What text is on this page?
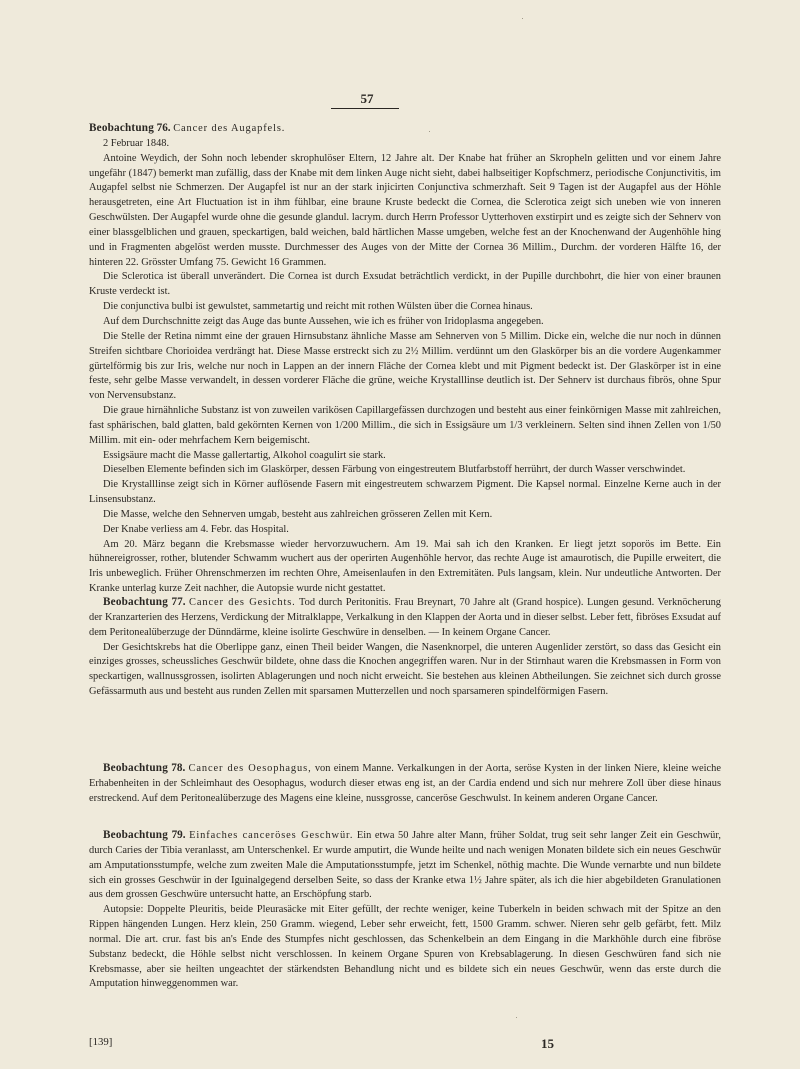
57

Beobachtung 76. Cancer des Augapfels.

2 Februar 1848.

Antoine Weydich, der Sohn noch lebender skrophulöser Eltern, 12 Jahre alt. Der Knabe hat früher an Skropheln gelitten und vor einem Jahre ungefähr (1847) bemerkt man zufällig, dass der Knabe mit dem linken Auge nicht sieht, dabei halbseitiger Kopfschmerz, periodische Conjunctivitis, im Augapfel selbst nie Schmerzen. Der Augapfel ist nur an der stark injicirten Conjunctiva schmerzhaft. Seit 9 Tagen ist der Augapfel aus der Höhle herausgetreten, eine Art Fluctuation ist in ihm fühlbar, eine braune Kruste bedeckt die Cornea, die Sclerotica zeigt sich uneben wie von inneren Geschwülsten. Der Augapfel wurde ohne die gesunde glandul. lacrym. durch Herrn Professor Uytterhoven exstirpirt und es zeigte sich der Sehnerv von einer blassgelblichen und grauen, speckartigen, bald weichen, bald härtlichen Masse umgeben, welche fest an der Knochenwand der Augenhöhle hing und in Fragmenten abgelöst werden musste. Durchmesser des Auges von der Mitte der Cornea 36 Millim., Durchm. der vorderen Hälfte 16, der hinteren 22. Grösster Umfang 75. Gewicht 16 Grammen.

Die Sclerotica ist überall unverändert. Die Cornea ist durch Exsudat beträchtlich verdickt, in der Pupille durchbohrt, die hier von einer braunen Kruste verdeckt ist.

Die conjunctiva bulbi ist gewulstet, sammetartig und reicht mit rothen Wülsten über die Cornea hinaus.

Auf dem Durchschnitte zeigt das Auge das bunte Aussehen, wie ich es früher von Iridoplasma angegeben.

Die Stelle der Retina nimmt eine der grauen Hirnsubstanz ähnliche Masse am Sehnerven von 5 Millim. Dicke ein, welche die nur noch in dünnen Streifen sichtbare Chorioidea verdrängt hat. Diese Masse erstreckt sich zu 2½ Millim. verdünnt um den Glaskörper bis an die vordere Augenkammer gürtelförmig bis zur Iris, welche nur noch in Lappen an der innern Fläche der Cornea klebt und mit Pigment bedeckt ist. Der Glaskörper ist in eine feste, sehr gelbe Masse verwandelt, in dessen vorderer Fläche die grüne, weiche Krystalllinse deutlich ist. Der Sehnerv ist durchaus fibrös, ohne Spur von Nervensubstanz.

Die graue hirnähnliche Substanz ist von zuweilen varikösen Capillargefässen durchzogen und besteht aus einer feinkörnigen Masse mit zahlreichen, fast sphärischen, bald glatten, bald gekörnten Kernen von 1/200 Millim., die sich in Essigsäure um 1/3 verkleinern. Selten sind ihnen Zellen von 1/50 Millim. mit ein- oder mehrfachem Kern beigemischt.

Essigsäure macht die Masse gallertartig, Alkohol coagulirt sie stark.

Dieselben Elemente befinden sich im Glaskörper, dessen Färbung von eingestreutem Blutfarbstoff herrührt, der durch Wasser verschwindet.

Die Krystalllinse zeigt sich in Körner auflösende Fasern mit eingestreutem schwarzem Pigment. Die Kapsel normal. Einzelne Kerne auch in der Linsensubstanz.

Die Masse, welche den Sehnerven umgab, besteht aus zahlreichen grösseren Zellen mit Kern.

Der Knabe verliess am 4. Febr. das Hospital.

Am 20. März begann die Krebsmasse wieder hervorzuwuchern. Am 19. Mai sah ich den Kranken. Er liegt jetzt soporös im Bette. Ein hühnereigrosser, rother, blutender Schwamm wuchert aus der operirten Augenhöhle hervor, das rechte Auge ist amaurotisch, die Pupille erweitert, die Iris unbeweglich. Früher Ohrenschmerzen im rechten Ohre, Ameisenlaufen in den Extremitäten. Puls langsam, klein. Nur undeutliche Antworten. Der Kranke unterlag kurze Zeit nachher, die Autopsie wurde nicht gestattet.

Beobachtung 77. Cancer des Gesichts. Tod durch Peritonitis. Frau Breynart, 70 Jahre alt (Grand hospice). Lungen gesund. Verknöcherung der Kranzarterien des Herzens, Verdickung der Mitralklappe, Verkalkung in den Klappen der Aorta und in dieser selbst. Leber fett, fibröses Exsudat auf dem Peritonealüberzuge der Dünndärme, kleine isolirte Geschwüre in denselben. — In keinem Organe Cancer.

Der Gesichtskrebs hat die Oberlippe ganz, einen Theil beider Wangen, die Nasenknorpel, die unteren Augenlider zerstört, so dass das Gesicht ein einziges grosses, scheussliches Geschwür bildete, ohne dass die Knochen angegriffen waren. Nur in der Stirnhaut waren die Krebsmassen in Form von speckartigen, wallnussgrossen, isolirten Ablagerungen und noch nicht erweicht. Sie bestehen aus kleinen Abtheilungen. Sie zeichnet sich durch grosse Gefässarmuth aus und besteht aus runden Zellen mit sparsamen Mutterzellen und noch sparsameren spindelförmigen Fasern.

Beobachtung 78. Cancer des Oesophagus, von einem Manne. Verkalkungen in der Aorta, seröse Kysten in der linken Niere, kleine weiche Erhabenheiten in der Schleimhaut des Oesophagus, wodurch dieser etwas eng ist, an der Cardia endend und sich nur mehrere Zoll über diese hinaus erstreckend. Auf dem Peritonealüberzuge des Magens eine kleine, nussgrosse, canceröse Geschwulst. In keinem anderen Organe Cancer.

Beobachtung 79. Einfaches canceröses Geschwür. Ein etwa 50 Jahre alter Mann, früher Soldat, trug seit sehr langer Zeit ein Geschwür, durch Caries der Tibia veranlasst, am Unterschenkel. Er wurde amputirt, die Wunde heilte und nach wenigen Monaten bildete sich ein neues Geschwür am Amputationsstumpfe, welche zum zweiten Male die Amputationsstumpfe, jetzt im Schenkel, nöthig machte. Die Wunde vernarbte und nun bildete sich ein grosses Geschwür in der Iguinalgegend derselben Seite, so dass der Kranke etwa 1½ Jahre später, als ich die hier abgebildeten Granulationen aus dem grossen Geschwüre untersucht hatte, an Erschöpfung starb.

Autopsie: Doppelte Pleuritis, beide Pleurasäcke mit Eiter gefüllt, der rechte weniger, keine Tuberkeln in beiden schwach mit der Spitze an den Rippen hängenden Lungen. Herz klein, 250 Gramm. wiegend, Leber sehr erweicht, fett, 1500 Gramm. schwer. Nieren sehr gelb gefärbt, fett. Milz normal. Die art. crur. fast bis an's Ende des Stumpfes nicht geschlossen, das Schenkelbein an dem Eingang in die Markhöhle durch eine fibröse Substanz bedeckt, die Höhle selbst nicht verschlossen. In keinem Organe Spuren von Krebsablagerung. In diesen Geschwüren fand sich nie Krebsmasse, aber sie heilten ungeachtet der stärkendsten Behandlung nicht und es bildete sich ein neues Geschwür, wenn das erste durch die Amputation hinweggenommen war.

[139]	15
